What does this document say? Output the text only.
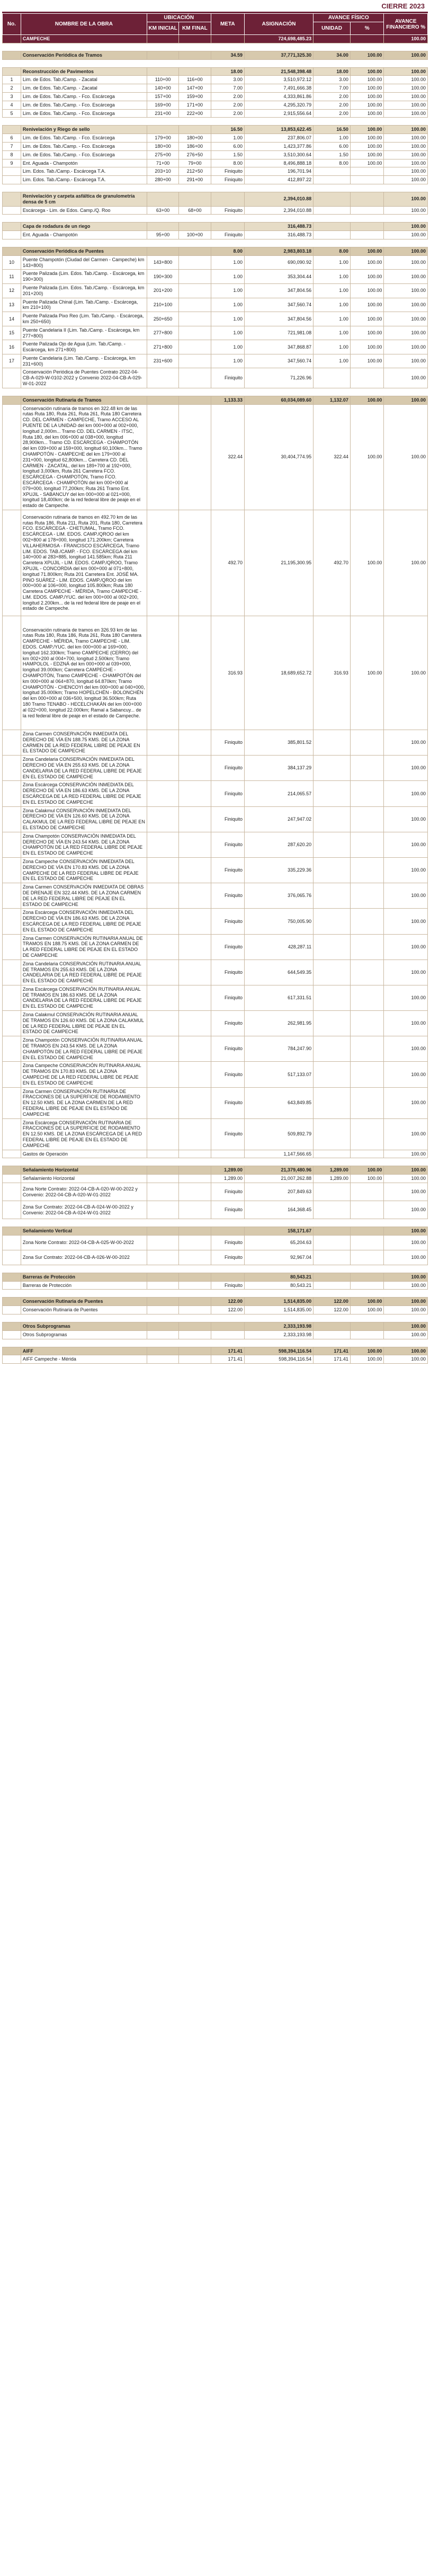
CIERRE 2023
No.	NOMBRE DE LA OBRA	UBICACIÓN		META	ASIGNACIÓN	AVANCE FÍSICO		AVANCE FINANCIERO %
		KM INICIAL	KM FINAL			UNIDAD	%	
	CAMPECHE				724,698,485.23			100.00

	Conservación Periódica de Tramos			34.59	37,771,325.30	34.00	100.00	100.00

	Reconstrucción de Pavimentos			18.00	21,548,398.48	18.00	100.00	100.00
1	Lim. de Edos. Tab./Camp. - Zacatal	110+00	116+00	3.00	3,510,972.12	3.00	100.00	100.00
2	Lim. de Edos. Tab./Camp. - Zacatal	140+00	147+00	7.00	7,491,666.38	7.00	100.00	100.00
3	Lim. de Edos. Tab./Camp. - Fco. Escárcega	157+00	159+00	2.00	4,333,861.86	2.00	100.00	100.00
4	Lim. de Edos. Tab./Camp. - Fco. Escárcega	169+00	171+00	2.00	4,295,320.79	2.00	100.00	100.00
5	Lim. de Edos. Tab./Camp. - Fco. Escárcega	231+00	222+00	2.00	2,915,556.64	2.00	100.00	100.00

	Renivelación y Riego de sello			16.50	13,853,622.45	16.50	100.00	100.00
6	Lim. de Edos. Tab./Camp. - Fco. Escárcega	179+00	180+00	1.00	237,806.07	1.00	100.00	100.00
7	Lim. de Edos. Tab./Camp. - Fco. Escárcega	180+00	186+00	6.00	1,423,377.86	6.00	100.00	100.00
8	Lim. de Edos. Tab./Camp. - Fco. Escárcega	275+00	276+50	1.50	3,510,300.64	1.50	100.00	100.00
9	Ent. Aguada - Champotón	71+00	79+00	8.00	8,496,888.18	8.00	100.00	100.00
	Lim. Edos. Tab./Camp.- Escárcega T.A.	203+10	212+50	Finiquito	196,701.94			100.00
	Lim. Edos. Tab./Camp.- Escárcega T.A.	280+00	291+00	Finiquito	412,897.22			100.00

	Renivelación y carpeta asfáltica de granulometría densa de 5 cm				2,394,010.88			100.00
	Escárcega - Lim. de Edos. Camp./Q. Roo	63+00	68+00	Finiquito	2,394,010.88			100.00

	Capa de rodadura de un riego				316,488.73			100.00
	Ent. Aguada - Champotón	95+00	100+00	Finiquito	316,488.73			100.00

	Conservación Periódica de Puentes			8.00	2,983,803.18	8.00	100.00	100.00
10	Puente Champotón (Ciudad del Carmen - Campeche) km 143+800)	143+800		1.00	690,090.92	1.00	100.00	100.00
11	Puente Palizada (Lim. Edos. Tab./Camp. - Escárcega, km 190+300)	190+300		1.00	353,304.44	1.00	100.00	100.00
12	Puente Palizada (Lim. Edos. Tab./Camp. - Escárcega, km 201+200)	201+200		1.00	347,804.56	1.00	100.00	100.00
13	Puente Palizada Chinal (Lim. Tab./Camp. - Escárcega, km 210+100)	210+100		1.00	347,560.74	1.00	100.00	100.00
14	Puente Palizada Pixo Reo (Lim. Tab./Camp. - Escárcega, km 250+650)	250+650		1.00	347,804.56	1.00	100.00	100.00
15	Puente Candelaria II (Lim. Tab./Camp. - Escárcega, km 277+800)	277+800		1.00	721,981.08	1.00	100.00	100.00
16	Puente Palizada Ojo de Agua (Lim. Tab./Camp. - Escárcega, km 271+800)	271+800		1.00	347,868.87	1.00	100.00	100.00
17	Puente Candelaria (Lim. Tab./Camp. - Escárcega, km 231+600)	231+600		1.00	347,560.74	1.00	100.00	100.00
	Conservación Periódica de Puentes Contrato 2022-04-CB-A-029-W-0102-2022 y Convenio 2022-04-CB-A-029-W-01-2022			Finiquito	71,226.96			100.00

	Conservación Rutinaria de Tramos			1,133.33	60,034,089.60	1,132.07	100.00	100.00
	Conservación rutinaria de tramos en 322.48 km de las rutas Ruta 180, Ruta 261, Ruta 261, Ruta 180 Carretera CD. DEL CARMEN - CAMPECHE, Tramo ACCESO AL PUENTE DE LA UNIDAD del km 000+000 al 002+000, longitud 2,000m... Tramo CD. DEL CARMEN - ITSC, Ruta 180, del km 006+000 al 038+000, longitud 28,900km... Tramo CD. ESCÁRCEGA - CHAMPOTÓN del km 039+000 al 159+000, longitud 60,100km... Tramo CHAMPOTÓN - CAMPECHE del km 179+000 al 231+000, longitud 62,800km... Carretera CD. DEL CARMEN - ZACATAL, del km 189+700 al 192+000, longitud 3,000km, Ruta 261 Carretera FCO. ESCÁRCEGA - CHAMPOTÓN, Tramo FCO. ESCÁRCEGA - CHAMPOTÓN del km 000+000 al 079+000, longitud 77,200km; Ruta 261 Tramo Ent. XPUJIL - SABANCUY del km 000+000 al 021+000, longitud 18,400km; de la red federal libre de peaje en el estado de Campeche.			322.44	30,404,774.95	322.44	100.00	100.00
	Conservación rutinaria de tramos en 492.70 km de las rutas Ruta 186, Ruta 211, Ruta 201, Ruta 180, Carretera FCO. ESCÁRCEGA - CHETUMAL, Tramo FCO. ESCÁRCEGA - LIM. EDOS. CAMP./QROO del km 002+800 al 178+000, longitud 171.200km; Carretera VILLAHERMOSA - FRANCISCO ESCÁRCEGA, Tramo LIM. EDOS. TAB./CAMP. - FCO. ESCÁRCEGA del km 140+000 al 283+885, longitud 141.585km; Ruta 211 Carretera XPUJIL - LIM. EDOS. CAMP./QROO, Tramo XPUJIL - CONCORDIA del km 000+000 al 071+800, longitud 71.800km; Ruta 201 Carretera Ent. JOSÉ MA. PINO SUÁREZ - LIM. EDOS. CAMP./QROO del km 000+000 al 106+000, longitud 105.800km; Ruta 180 Carretera CAMPECHE - MÉRIDA, Tramo CAMPECHE - LIM. EDOS. CAMP./YUC. del km 000+000 al 002+200, longitud 2.200km... de la red federal libre de peaje en el estado de Campeche.			492.70	21,195,300.95	492.70	100.00	100.00
	Conservación rutinaria de tramos en 326.93 km de las rutas Ruta 180, Ruta 186, Ruta 261, Ruta 180 Carretera CAMPECHE - MÉRIDA, Tramo CAMPECHE - LIM. EDOS. CAMP./YUC. del km 000+000 al 169+000, longitud 162.330km; Tramo CAMPECHE (CERRO) del km 002+200 al 004+700, longitud 2.500km; Tramo HAMPOLOL - EDZNÁ del km 000+000 al 039+000, longitud 39.000km; Carretera CAMPECHE - CHAMPOTÓN, Tramo CAMPECHE - CHAMPOTÓN del km 000+000 al 064+870, longitud 64.870km; Tramo CHAMPOTÓN - CHENCOYI del km 000+000 al 040+000, longitud 35.000km; Tramo HOPELCHÉN - BOLONCHÉN del km 000+000 al 036+500, longitud 36.500km; Ruta 180 Tramo TENABO - HECELCHAKÁN del km 000+000 al 022+000, longitud 22.000km; Ramal a Sabancuy... de la red federal libre de peaje en el estado de Campeche.			316.93	18,689,652.72	316.93	100.00	100.00
	Zona Carmen CONSERVACIÓN INMEDIATA DEL DERECHO DE VÍA EN 188.75 KMS. DE LA ZONA CARMEN DE LA RED FEDERAL LIBRE DE PEAJE EN EL ESTADO DE CAMPECHE			Finiquito	385,801.52			100.00
	Zona Candelaria CONSERVACIÓN INMEDIATA DEL DERECHO DE VÍA EN 255.63 KMS. DE LA ZONA CANDELARIA DE LA RED FEDERAL LIBRE DE PEAJE EN EL ESTADO DE CAMPECHE			Finiquito	384,137.29			100.00
	Zona Escárcega CONSERVACIÓN INMEDIATA DEL DERECHO DE VÍA EN 186.63 KMS. DE LA ZONA ESCÁRCEGA DE LA RED FEDERAL LIBRE DE PEAJE EN EL ESTADO DE CAMPECHE			Finiquito	214,065.57			100.00
	Zona Calakmul CONSERVACIÓN INMEDIATA DEL DERECHO DE VÍA EN 126.60 KMS. DE LA ZONA CALAKMUL DE LA RED FEDERAL LIBRE DE PEAJE EN EL ESTADO DE CAMPECHE			Finiquito	247,947.02			100.00
	Zona Champotón CONSERVACIÓN INMEDIATA DEL DERECHO DE VÍA EN 243.54 KMS. DE LA ZONA CHAMPOTÓN DE LA RED FEDERAL LIBRE DE PEAJE EN EL ESTADO DE CAMPECHE			Finiquito	287,620.20			100.00
	Zona Campeche CONSERVACIÓN INMEDIATA DEL DERECHO DE VÍA EN 170.83 KMS. DE LA ZONA CAMPECHE DE LA RED FEDERAL LIBRE DE PEAJE EN EL ESTADO DE CAMPECHE			Finiquito	335,229.36			100.00
	Zona Carmen CONSERVACIÓN INMEDIATA DE OBRAS DE DRENAJE EN 322.44 KMS. DE LA ZONA CARMEN DE LA RED FEDERAL LIBRE DE PEAJE EN EL ESTADO DE CAMPECHE			Finiquito	376,065.76			100.00
	Zona Escárcega CONSERVACIÓN INMEDIATA DEL DERECHO DE VÍA EN 186.63 KMS. DE LA ZONA ESCÁRCEGA DE LA RED FEDERAL LIBRE DE PEAJE EN EL ESTADO DE CAMPECHE			Finiquito	750,005.90			100.00
	Zona Carmen CONSERVACIÓN RUTINARIA ANUAL DE TRAMOS EN 188.75 KMS. DE LA ZONA CARMEN DE LA RED FEDERAL LIBRE DE PEAJE EN EL ESTADO DE CAMPECHE			Finiquito	428,287.11			100.00
	Zona Candelaria CONSERVACIÓN RUTINARIA ANUAL DE TRAMOS EN 255.63 KMS. DE LA ZONA CANDELARIA DE LA RED FEDERAL LIBRE DE PEAJE EN EL ESTADO DE CAMPECHE			Finiquito	644,549.35			100.00
	Zona Escárcega CONSERVACIÓN RUTINARIA ANUAL DE TRAMOS EN 186.63 KMS. DE LA ZONA CANDELARIA DE LA RED FEDERAL LIBRE DE PEAJE EN EL ESTADO DE CAMPECHE			Finiquito	617,331.51			100.00
	Zona Calakmul CONSERVACIÓN RUTINARIA ANUAL DE TRAMOS EN 126.60 KMS. DE LA ZONA CALAKMUL DE LA RED FEDERAL LIBRE DE PEAJE EN EL ESTADO DE CAMPECHE			Finiquito	262,981.95			100.00
	Zona Champotón CONSERVACIÓN RUTINARIA ANUAL DE TRAMOS EN 243.54 KMS. DE LA ZONA CHAMPOTÓN DE LA RED FEDERAL LIBRE DE PEAJE EN EL ESTADO DE CAMPECHE			Finiquito	784,247.90			100.00
	Zona Campeche CONSERVACIÓN RUTINARIA ANUAL DE TRAMOS EN 170.83 KMS. DE LA ZONA CAMPECHE DE LA RED FEDERAL LIBRE DE PEAJE EN EL ESTADO DE CAMPECHE			Finiquito	517,133.07			100.00
	Zona Carmen CONSERVACIÓN RUTINARIA DE FRACCIONES DE LA SUPERFICIE DE RODAMIENTO EN 12.50 KMS. DE LA ZONA CARMEN DE LA RED FEDERAL LIBRE DE PEAJE EN EL ESTADO DE CAMPECHE			Finiquito	643,849.85			100.00
	Zona Escárcega CONSERVACIÓN RUTINARIA DE FRACCIONES DE LA SUPERFICIE DE RODAMIENTO EN 12.50 KMS. DE LA ZONA ESCÁRCEGA DE LA RED FEDERAL LIBRE DE PEAJE EN EL ESTADO DE CAMPECHE			Finiquito	509,892.79			100.00
	Gastos de Operación				1,147,566.65			100.00

	Señalamiento Horizontal			1,289.00	21,379,480.96	1,289.00	100.00	100.00
	Señalamiento Horizontal			1,289.00	21,007,262.88	1,289.00	100.00	100.00
	Zona Norte Contrato: 2022-04-CB-A-020-W-00-2022 y Convenio: 2022-04-CB-A-020-W-01-2022			Finiquito	207,849.63			100.00
	Zona Sur Contrato: 2022-04-CB-A-024-W-00-2022 y Convenio: 2022-04-CB-A-024-W-01-2022			Finiquito	164,368.45			100.00

	Señalamiento Vertical				158,171.67			100.00
	Zona Norte Contrato: 2022-04-CB-A-025-W-00-2022			Finiquito	65,204.63			100.00
	Zona Sur Contrato: 2022-04-CB-A-026-W-00-2022			Finiquito	92,967.04			100.00

	Barreras de Protección				80,543.21			100.00
	Barreras de Protección			Finiquito	80,543.21			100.00

	Conservación Rutinaria de Puentes			122.00	1,514,835.00	122.00	100.00	100.00
	Conservación Rutinaria de Puentes			122.00	1,514,835.00	122.00	100.00	100.00

	Otros Subprogramas				2,333,193.98			100.00
	Otros Subprogramas				2,333,193.98			100.00

	AIFF			171.41	598,394,116.54	171.41	100.00	100.00
	AIFF Campeche - Mérida			171.41	598,394,116.54	171.41	100.00	100.00
